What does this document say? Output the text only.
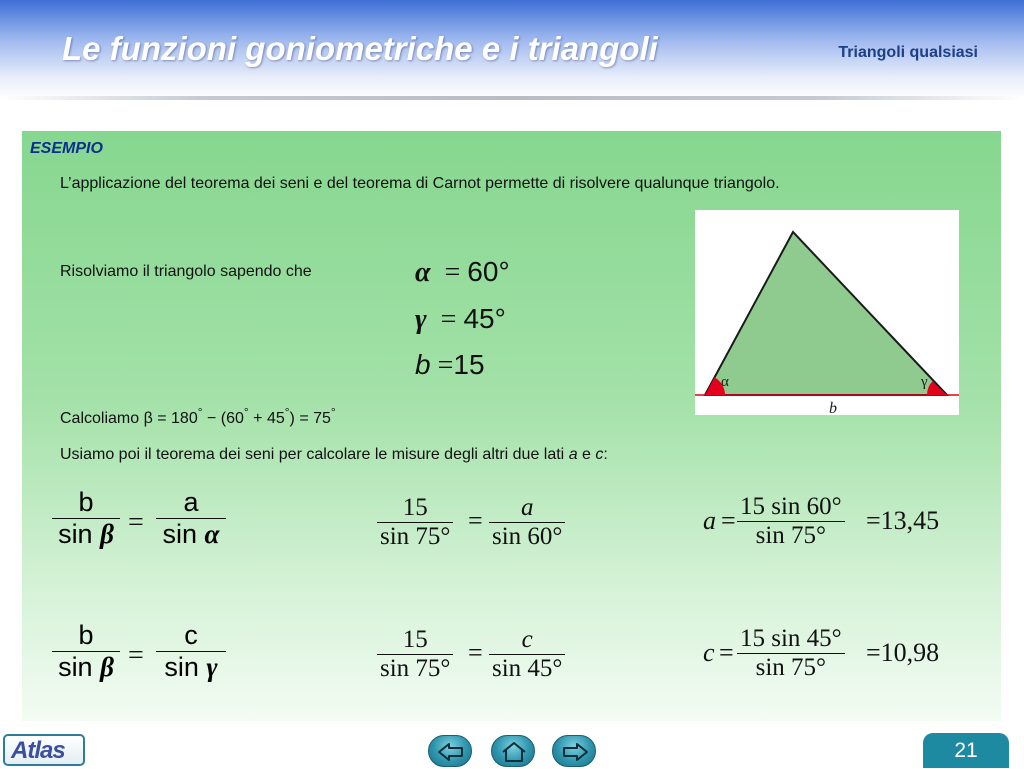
Le funzioni goniometriche e i triangoli	Triangoli qualsiasi
ESEMPIO
L’applicazione del teorema dei seni e del teorema di Carnot permette di risolvere qualunque triangolo.
Risolviamo il triangolo sapendo che	α  = 60°
γ  = 45°
b =15
α	γ
b
Calcoliamo β = 180° − (60° + 45°) = 75°
Usiamo poi il teorema dei seni per calcolare le misure degli altri due lati a e c:
b
sin β =
a
sin α
15
sin 75°
= a
sin 60°
a = 15 sin 60°
sin 75°
=13,45
b
sin β =
c
sin γ
15
sin 75°
= c
sin 45°
c = 15 sin 45°
sin 75°
=10,98
Atlas	21
